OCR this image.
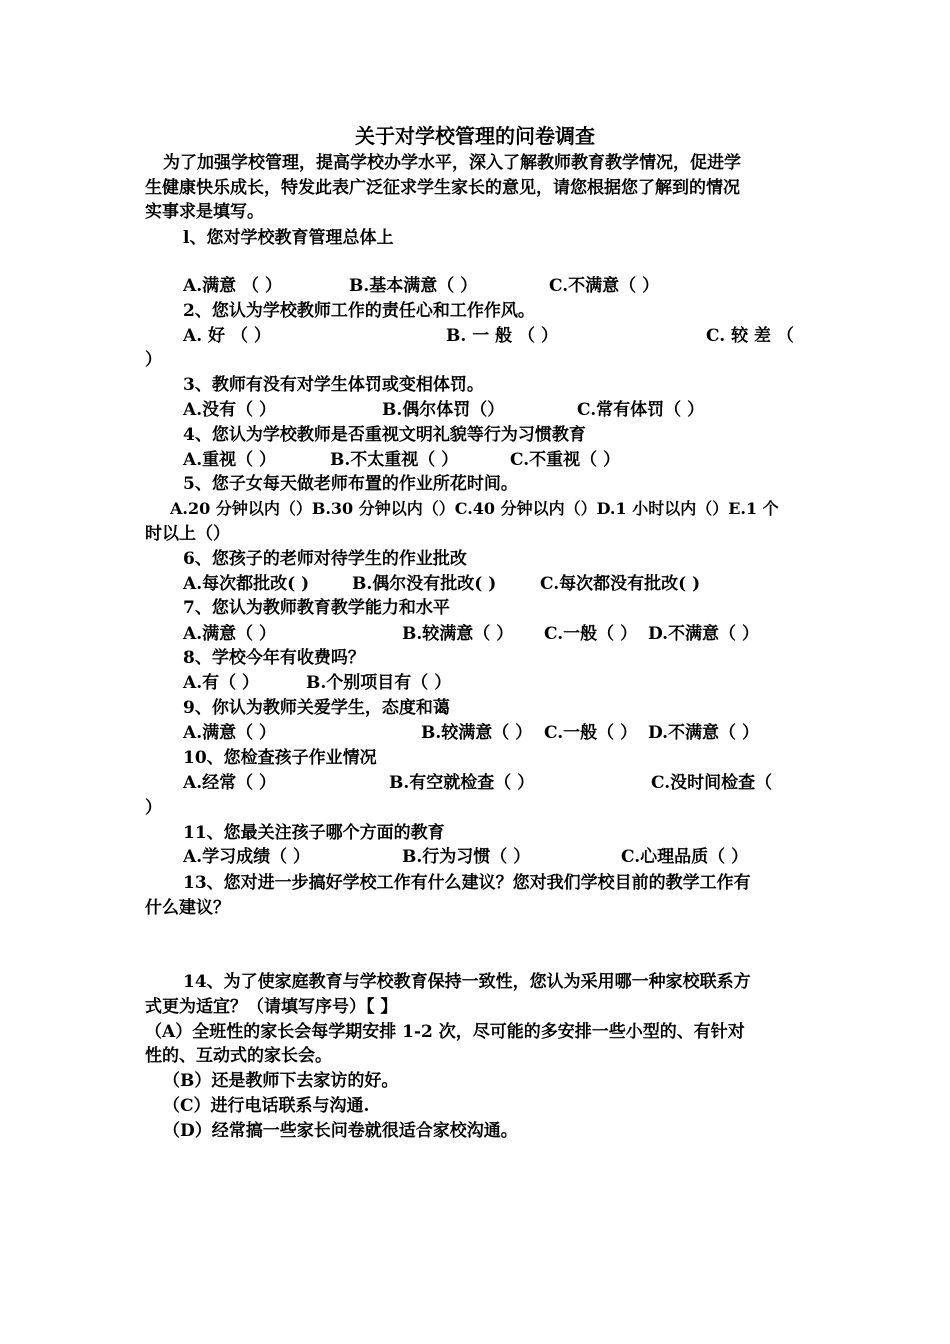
关于对学校管理的问卷调查
为了加强学校管理，提高学校办学水平，深入了解教师教育教学情况，促进学
生健康快乐成长，特发此表广泛征求学生家长的意见，请您根据您了解到的情况
实事求是填写。
l、您对学校教育管理总体上
A.满意 （ ）	B.基本满意（ ）	C.不满意（ ）
2、您认为学校教师工作的责任心和工作作风。
A. 好 （ ）	B. 一 般 （ ）	C. 较 差 （
）
3、教师有没有对学生体罚或变相体罚。
A.没有（ ）	B.偶尔体罚（）	C.常有体罚（ ）
4、您认为学校教师是否重视文明礼貌等行为习惯教育
A.重视（ ）	B.不太重视（ ）	C.不重视（ ）
5、您子女每天做老师布置的作业所花时间。
A.20 分钟以内（）B.30 分钟以内（）C.40 分钟以内（）D.1 小时以内（）E.1 个
时以上（）
6、您孩子的老师对待学生的作业批改
A.每次都批改( )	B.偶尔没有批改( )	C.每次都没有批改( )
7、您认为教师教育教学能力和水平
A.满意（ ）	B.较满意（ ） C.一般（ ） D.不满意（ ）
8、学校今年有收费吗？
A.有（ ）	B.个别项目有（ ）
9、你认为教师关爱学生，态度和蔼
A.满意（ ）	B.较满意（ ） C.一般（ ） D.不满意（ ）
10、您检查孩子作业情况
A.经常（ ）	B.有空就检查（ ）	C.没时间检查（
）
11、您最关注孩子哪个方面的教育
A.学习成绩（ ）	B.行为习惯（ ）	C.心理品质（ ）
13、您对进一步搞好学校工作有什么建议？您对我们学校目前的教学工作有
什么建议？
14、为了使家庭教育与学校教育保持一致性，您认为采用哪一种家校联系方
式更为适宜？（请填写序号）【 】
（A）全班性的家长会每学期安排 1-2 次，尽可能的多安排一些小型的、有针对
性的、互动式的家长会。
（B）还是教师下去家访的好。
（C）进行电话联系与沟通.
（D）经常搞一些家长问卷就很适合家校沟通。
